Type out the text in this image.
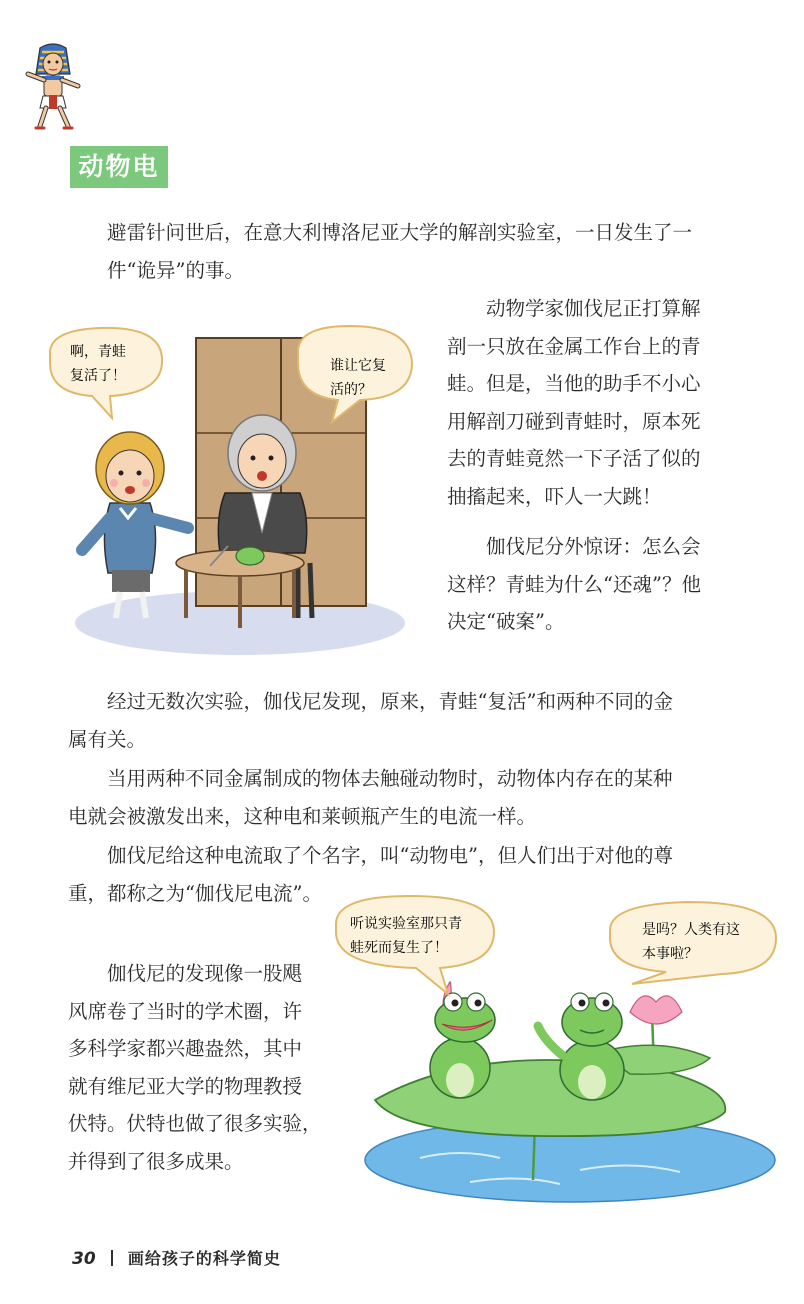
动物电

避雷针问世后，在意大利博洛尼亚大学的解剖实验室，一日发生了一
件“诡异”的事。

啊，青蛙
复活了！
谁让它复
活的？

动物学家伽伐尼正打算解
剖一只放在金属工作台上的青
蛙。但是，当他的助手不小心
用解剖刀碰到青蛙时，原本死
去的青蛙竟然一下子活了似的
抽搐起来，吓人一大跳！

伽伐尼分外惊讶：怎么会
这样？青蛙为什么“还魂”？他
决定“破案”。

经过无数次实验，伽伐尼发现，原来，青蛙“复活”和两种不同的金
属有关。

当用两种不同金属制成的物体去触碰动物时，动物体内存在的某种
电就会被激发出来，这种电和莱顿瓶产生的电流一样。

伽伐尼给这种电流取了个名字，叫“动物电”，但人们出于对他的尊
重，都称之为“伽伐尼电流”。

听说实验室那只青
蛙死而复生了！
是吗？人类有这
本事啦？

伽伐尼的发现像一股飓
风席卷了当时的学术圈，许
多科学家都兴趣盎然，其中
就有维尼亚大学的物理教授
伏特。伏特也做了很多实验，
并得到了很多成果。

30 画给孩子的科学简史
